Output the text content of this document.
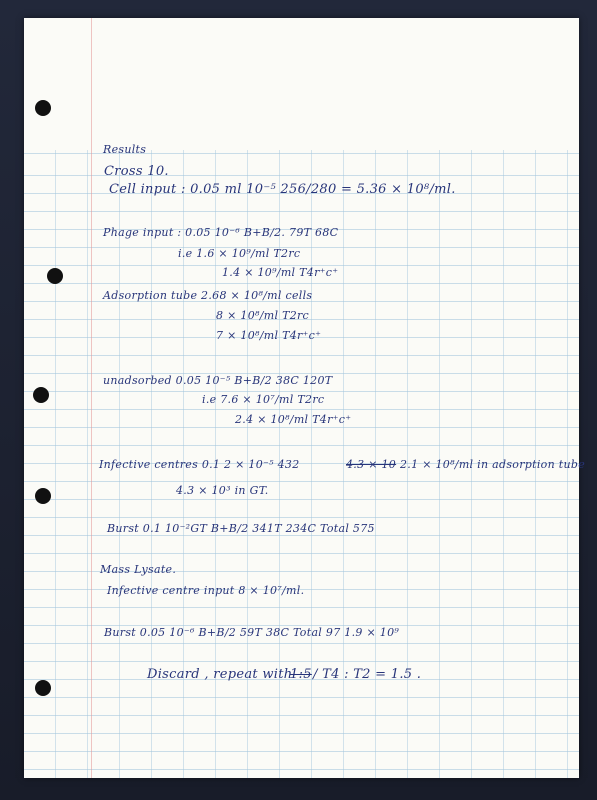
Results
Cross 10.
Cell input : 0.05 ml 10⁻⁵ 256/280 = 5.36 × 10⁸/ml.
Phage input : 0.05 10⁻⁶ B+B/2. 79T 68C
i.e 1.6 × 10⁹/ml T2rc
1.4 × 10⁹/ml T4r⁺c⁺
Adsorption tube 2.68 × 10⁸/ml cells
8 × 10⁸/ml T2rc
7 × 10⁸/ml T4r⁺c⁺
unadsorbed 0.05 10⁻⁵ B+B/2 38C 120T
i.e 7.6 × 10⁷/ml T2rc
2.4 × 10⁸/ml T4r⁺c⁺
Infective centres 0.1 2 × 10⁻⁵ 432	4.3 × 10 2.1 × 10⁸/ml in adsorption tube
4.3 × 10³ in GT.
Burst 0.1 10⁻²GT B+B/2 341T 234C Total 575
Mass Lysate.
Infective centre input 8 × 10⁷/ml.
Burst 0.05 10⁻⁶ B+B/2 59T 38C Total 97 1.9 × 10⁹
Discard , repeat with
1:5 / T4 : T2 = 1.5 .
